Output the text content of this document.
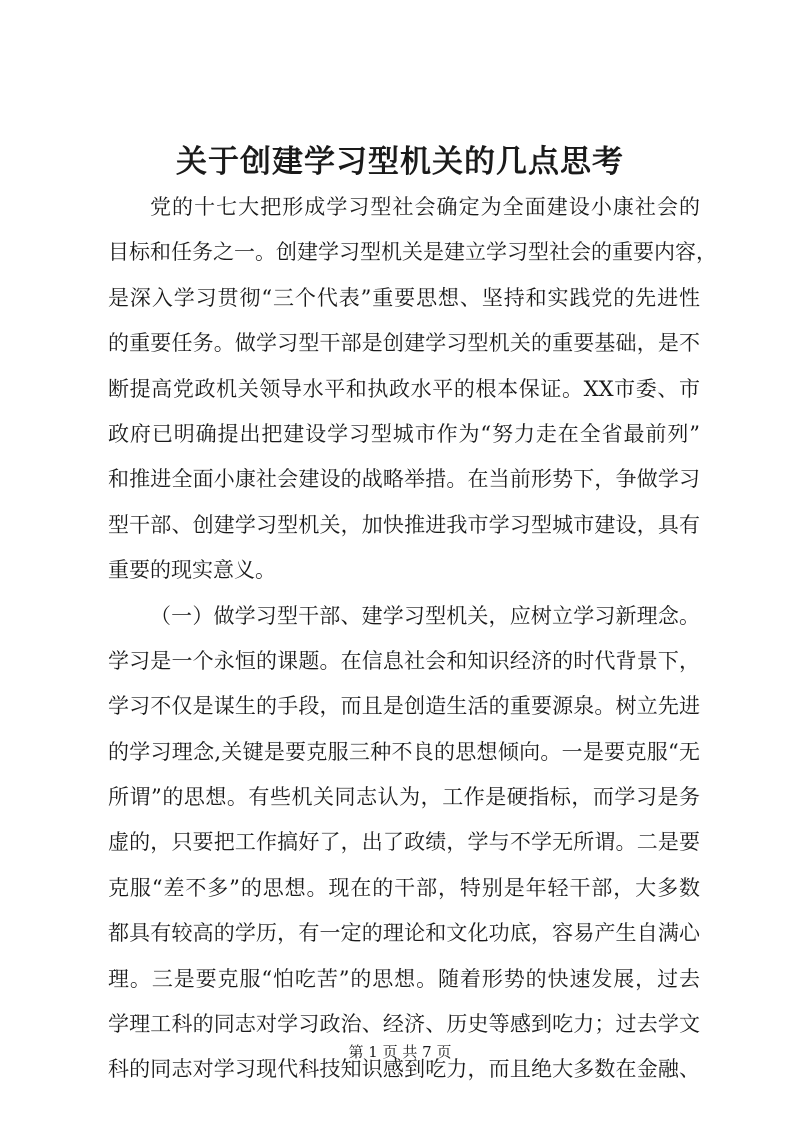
关于创建学习型机关的几点思考
党的十七大把形成学习型社会确定为全面建设小康社会的
目标和任务之一。创建学习型机关是建立学习型社会的重要内容，
是深入学习贯彻“三个代表”重要思想、坚持和实践党的先进性
的重要任务。做学习型干部是创建学习型机关的重要基础，是不
断提高党政机关领导水平和执政水平的根本保证。XX市委、市
政府已明确提出把建设学习型城市作为“努力走在全省最前列”
和推进全面小康社会建设的战略举措。在当前形势下，争做学习
型干部、创建学习型机关，加快推进我市学习型城市建设，具有
重要的现实意义。
（一）做学习型干部、建学习型机关，应树立学习新理念。
学习是一个永恒的课题。在信息社会和知识经济的时代背景下，
学习不仅是谋生的手段，而且是创造生活的重要源泉。树立先进
的学习理念,关键是要克服三种不良的思想倾向。一是要克服“无
所谓”的思想。有些机关同志认为，工作是硬指标，而学习是务
虚的，只要把工作搞好了，出了政绩，学与不学无所谓。二是要
克服“差不多”的思想。现在的干部，特别是年轻干部，大多数
都具有较高的学历，有一定的理论和文化功底，容易产生自满心
理。三是要克服“怕吃苦”的思想。随着形势的快速发展，过去
学理工科的同志对学习政治、经济、历史等感到吃力；过去学文
科的同志对学习现代科技知识感到吃力，而且绝大多数在金融、
第 1 页 共 7 页
